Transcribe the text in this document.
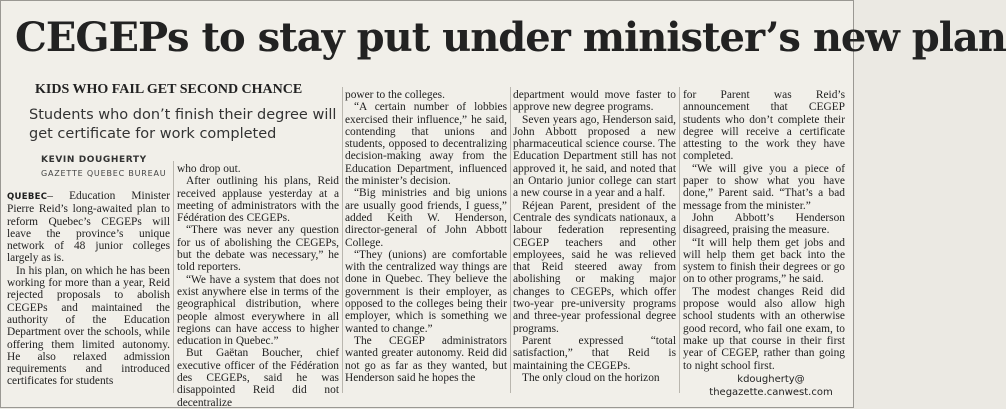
CEGEPs to stay put under minister’s new plan
KIDS WHO FAIL GET SECOND CHANCE
Students who don’t finish their degree will get certificate for work completed
KEVIN DOUGHERTY
GAZETTE QUEBEC BUREAU

QUEBEC– Education Minister Pierre Reid’s long-awaited plan to reform Quebec’s CEGEPs will leave the province’s unique network of 48 junior colleges largely as is.

In his plan, on which he has been working for more than a year, Reid rejected proposals to abolish CEGEPs and maintained the authority of the Education Department over the schools, while offering them limited autonomy. He also relaxed admission requirements and introduced certificates for students

who drop out.

After outlining his plans, Reid received applause yesterday at a meeting of administrators with the Fédération des CEGEPs.

“There was never any question for us of abolishing the CEGEPs, but the debate was necessary,” he told reporters.

“We have a system that does not exist anywhere else in terms of the geographical distribution, where people almost everywhere in all regions can have access to higher education in Quebec.”

But Gaëtan Boucher, chief executive officer of the Fédération des CEGEPs, said he was disappointed Reid did not decentralize

power to the colleges.

“A certain number of lobbies exercised their influence,” he said, contending that unions and students, opposed to decentralizing decision-making away from the Education Department, influenced the minister’s decision.

“Big ministries and big unions are usually good friends, I guess,” added Keith W. Henderson, director-general of John Abbott College.

“They (unions) are comfortable with the centralized way things are done in Quebec. They believe the government is their employer, as opposed to the colleges being their employer, which is something we wanted to change.”

The CEGEP administrators wanted greater autonomy. Reid did not go as far as they wanted, but Henderson said he hopes the

department would move faster to approve new degree programs.

Seven years ago, Henderson said, John Abbott proposed a new pharmaceutical science course. The Education Department still has not approved it, he said, and noted that an Ontario junior college can start a new course in a year and a half.

Réjean Parent, president of the Centrale des syndicats nationaux, a labour federation representing CEGEP teachers and other employees, said he was relieved that Reid steered away from abolishing or making major changes to CEGEPs, which offer two-year pre-university programs and three-year professional degree programs.

Parent expressed “total satisfaction,” that Reid is maintaining the CEGEPs.

The only cloud on the horizon

for Parent was Reid’s announcement that CEGEP students who don’t complete their degree will receive a certificate attesting to the work they have completed.

“We will give you a piece of paper to show what you have done,” Parent said. “That’s a bad message from the minister.”

John Abbott’s Henderson disagreed, praising the measure.

“It will help them get jobs and will help them get back into the system to finish their degrees or go on to other programs,” he said.

The modest changes Reid did propose would also allow high school students with an otherwise good record, who fail one exam, to make up that course in their first year of CEGEP, rather than going to night school first.

kdougherty@
thegazette.canwest.com
